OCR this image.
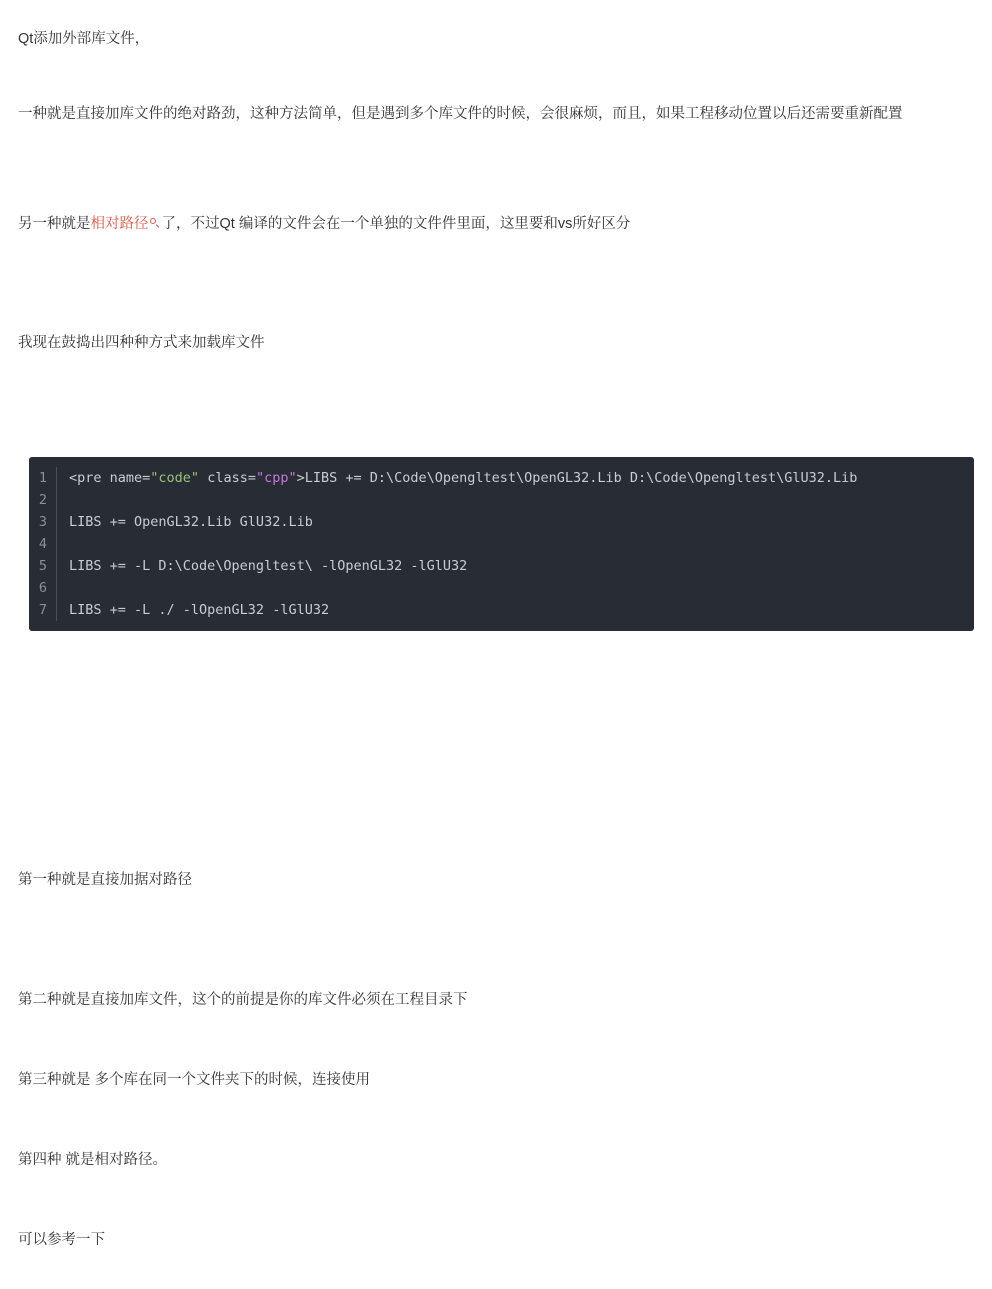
Qt添加外部库文件，

一种就是直接加库文件的绝对路劲，这种方法简单，但是遇到多个库文件的时候，会很麻烦，而且，如果工程移动位置以后还需要重新配置

另一种就是相对路径 了，不过Qt 编译的文件会在一个单独的文件件里面，这里要和vs所好区分

我现在鼓捣出四种种方式来加载库文件

1	<pre name="code" class="cpp">LIBS += D:\Code\Opengltest\OpenGL32.Lib D:\Code\Opengltest\GlU32.Lib
2
3	LIBS += OpenGL32.Lib GlU32.Lib
4
5	LIBS += -L D:\Code\Opengltest\ -lOpenGL32 -lGlU32
6
7	LIBS += -L ./ -lOpenGL32 -lGlU32

第一种就是直接加据对路径

第二种就是直接加库文件，这个的前提是你的库文件必须在工程目录下

第三种就是 多个库在同一个文件夹下的时候，连接使用

第四种 就是相对路径。

可以参考一下
